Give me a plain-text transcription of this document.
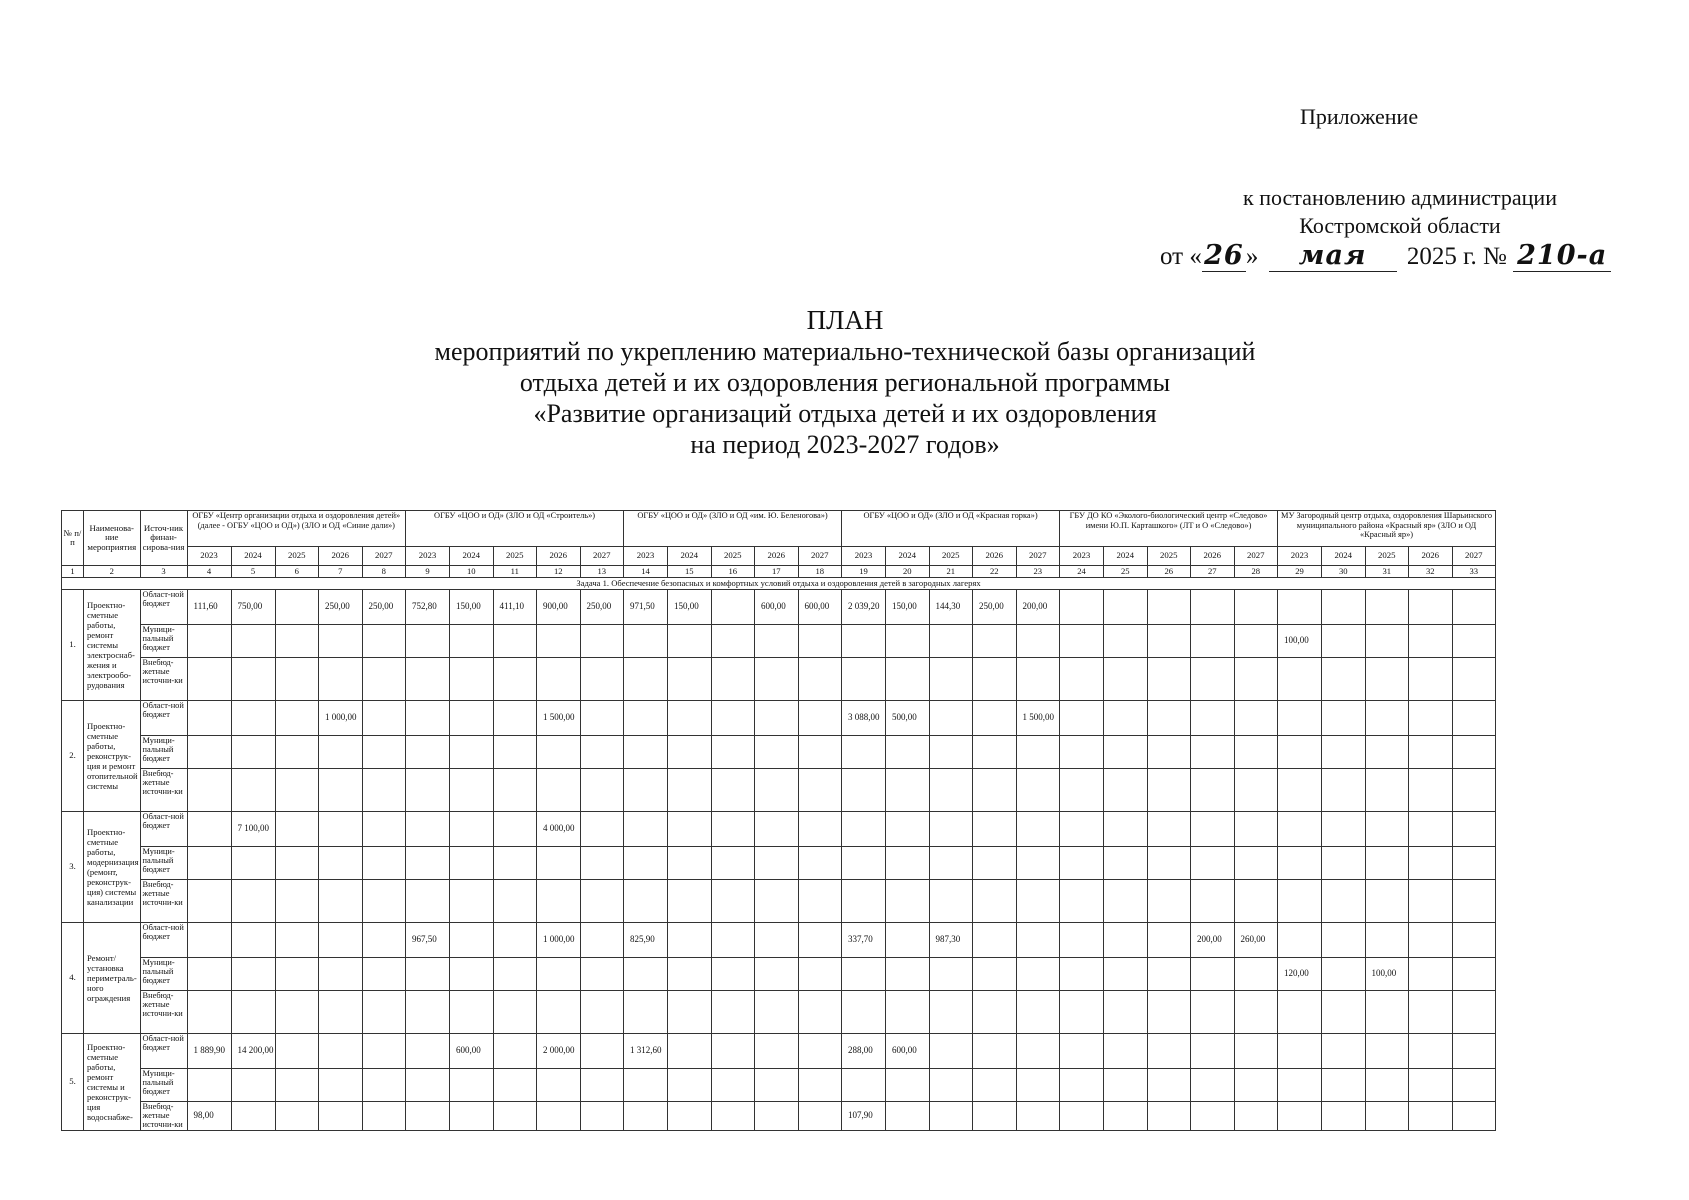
Приложение
к постановлению администрации
Костромской области
от «26» мая 2025 г. № 210-а
ПЛАН
мероприятий по укреплению материально-технической базы организаций
отдыха детей и их оздоровления региональной программы
«Развитие организаций отдыха детей и их оздоровления
на период 2023-2027 годов»
№ п/п	Наименова-ние мероприятия	Источ-ник финан-сирова-ния	ОГБУ «Центр организации отдыха и оздоровления детей» (далее - ОГБУ «ЦОО и ОД») (ЗЛО и ОД «Синие дали»)					ОГБУ «ЦОО и ОД» (ЗЛО и ОД «Строитель»)					ОГБУ «ЦОО и ОД» (ЗЛО и ОД «им. Ю. Беленогова»)					ОГБУ «ЦОО и ОД» (ЗЛО и ОД «Красная горка»)					ГБУ ДО КО «Эколого-биологический центр «Следово» имени Ю.П. Карташкого» (ЛТ и О «Следово»)					МУ Загородный центр отдыха, оздоровления Шарьинского муниципального района «Красный яр» (ЗЛО и ОД «Красный яр»)				
			2023	2024	2025	2026	2027	2023	2024	2025	2026	2027	2023	2024	2025	2026	2027	2023	2024	2025	2026	2027	2023	2024	2025	2026	2027	2023	2024	2025	2026	2027
1	2	3	4	5	6	7	8	9	10	11	12	13	14	15	16	17	18	19	20	21	22	23	24	25	26	27	28	29	30	31	32	33
Задача 1. Обеспечение безопасных и комфортных условий отдыха и оздоровления детей в загородных лагерях																																
1.	Проектно-сметные работы, ремонт системы электроснаб-жения и электрообо-рудования	Област-ной бюджет	111,60	750,00		250,00	250,00	752,80	150,00	411,10	900,00	250,00	971,50	150,00		600,00	600,00	2 039,20	150,00	144,30	250,00	200,00										
		Муници-пальный бюджет																										100,00				
		Внебюд-жетные источни-ки																														
2.	Проектно-сметные работы, реконструк-ция и ремонт отопительной системы	Област-ной бюджет				1 000,00					1 500,00							3 088,00	500,00			1 500,00										
		Муници-пальный бюджет																														
		Внебюд-жетные источни-ки																														
3.	Проектно-сметные работы, модернизация (ремонт, реконструк-ция) системы канализации	Област-ной бюджет		7 100,00							4 000,00																					
		Муници-пальный бюджет																														
		Внебюд-жетные источни-ки																														
4.	Ремонт/ установка периметраль-ного ограждения	Област-ной бюджет						967,50			1 000,00		825,90					337,70		987,30						200,00	260,00					
		Муници-пальный бюджет																										120,00		100,00		
		Внебюд-жетные источни-ки																														
5.	Проектно-сметные работы, ремонт системы и реконструк-ция водоснабже-	Област-ной бюджет	1 889,90	14 200,00					600,00		2 000,00		1 312,60					288,00	600,00													
		Муници-пальный бюджет																														
		Внебюд-жетные источни-ки	98,00															107,90														
